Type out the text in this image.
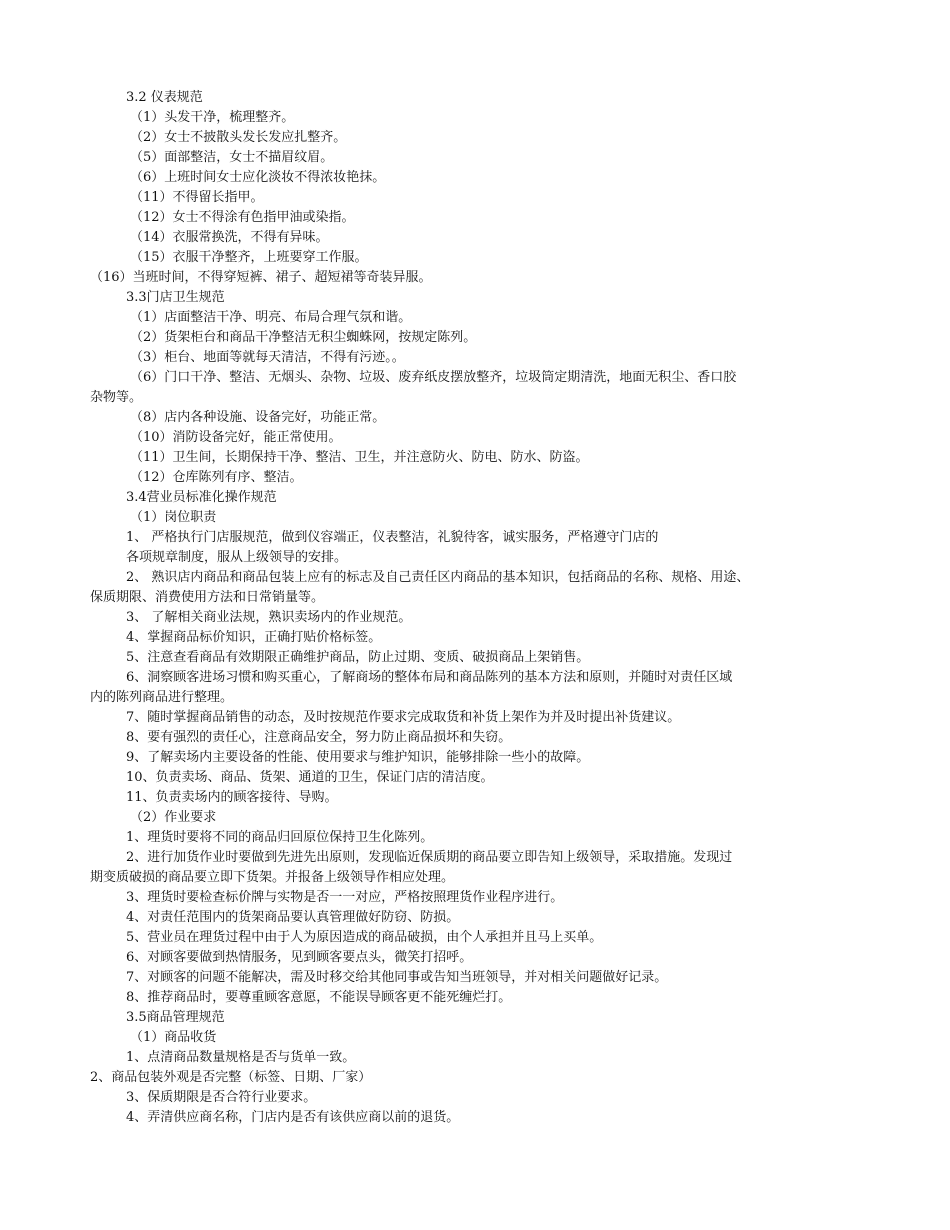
3.2 仪表规范
（1）头发干净，梳理整齐。
（2）女士不披散头发长发应扎整齐。
（5）面部整洁，女士不描眉纹眉。
（6）上班时间女士应化淡妆不得浓妆艳抹。
（11）不得留长指甲。
（12）女士不得涂有色指甲油或染指。
（14）衣服常换洗，不得有异味。
（15）衣服干净整齐，上班要穿工作服。
（16）当班时间，不得穿短裤、裙子、超短裙等奇装异服。
3.3门店卫生规范
（1）店面整洁干净、明亮、布局合理气氛和谐。
（2）货架柜台和商品干净整洁无积尘蜘蛛网，按规定陈列。
（3）柜台、地面等就每天清洁，不得有污迹。。
（6）门口干净、整洁、无烟头、杂物、垃圾、废弃纸皮摆放整齐，垃圾筒定期清洗，地面无积尘、香口胶
杂物等。
（8）店内各种设施、设备完好，功能正常。
（10）消防设备完好，能正常使用。
（11）卫生间，长期保持干净、整洁、卫生，并注意防火、防电、防水、防盗。
（12）仓库陈列有序、整洁。
3.4营业员标准化操作规范
（1）岗位职责
1、 严格执行门店服规范，做到仪容端正，仪表整洁，礼貌待客，诚实服务，严格遵守门店的
各项规章制度，服从上级领导的安排。
2、 熟识店内商品和商品包装上应有的标志及自己责任区内商品的基本知识，包括商品的名称、规格、用途、
保质期限、消费使用方法和日常销量等。
3、 了解相关商业法规，熟识卖场内的作业规范。
4、掌握商品标价知识，正确打贴价格标签。
5、注意查看商品有效期限正确维护商品，防止过期、变质、破损商品上架销售。
6、洞察顾客进场习惯和购买重心，了解商场的整体布局和商品陈列的基本方法和原则，并随时对责任区域
内的陈列商品进行整理。
7、随时掌握商品销售的动态，及时按规范作要求完成取货和补货上架作为并及时提出补货建议。
8、要有强烈的责任心，注意商品安全，努力防止商品损坏和失窃。
9、了解卖场内主要设备的性能、使用要求与维护知识，能够排除一些小的故障。
10、负责卖场、商品、货架、通道的卫生，保证门店的清洁度。
11、负责卖场内的顾客接待、导购。
（2）作业要求
1、理货时要将不同的商品归回原位保持卫生化陈列。
2、进行加货作业时要做到先进先出原则，发现临近保质期的商品要立即告知上级领导，采取措施。发现过
期变质破损的商品要立即下货架。并报备上级领导作相应处理。
3、理货时要检查标价牌与实物是否一一对应，严格按照理货作业程序进行。
4、对责任范围内的货架商品要认真管理做好防窃、防损。
5、营业员在理货过程中由于人为原因造成的商品破损，由个人承担并且马上买单。
6、对顾客要做到热情服务，见到顾客要点头，微笑打招呼。
7、对顾客的问题不能解决，需及时移交给其他同事或告知当班领导，并对相关问题做好记录。
8、推荐商品时，要尊重顾客意愿，不能误导顾客更不能死缠烂打。
3.5商品管理规范
（1）商品收货
1、点清商品数量规格是否与货单一致。
2、商品包装外观是否完整（标签、日期、厂家）
3、保质期限是否合符行业要求。
4、弄清供应商名称，门店内是否有该供应商以前的退货。
